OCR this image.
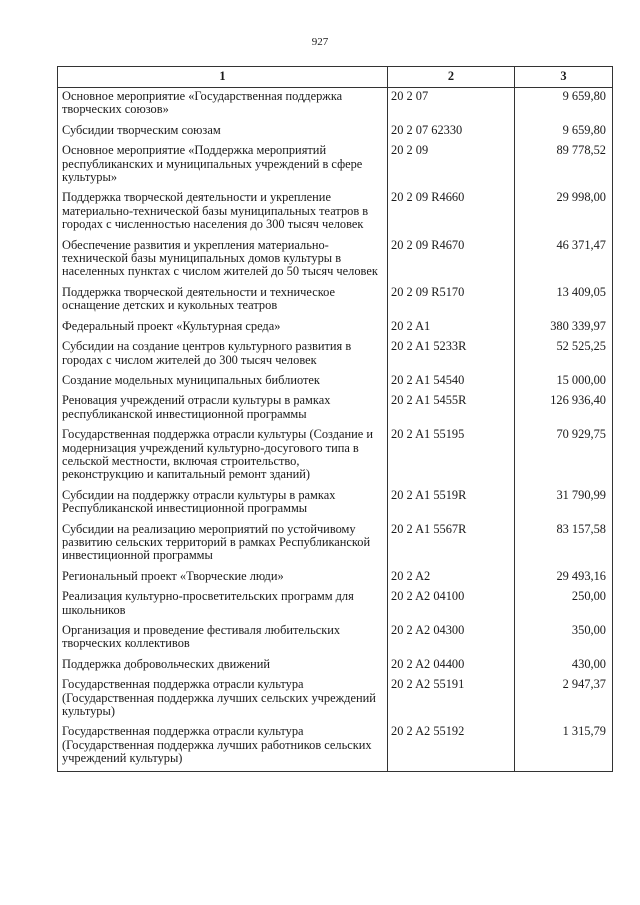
927
1	2	3
Основное мероприятие «Государственная поддержка творческих союзов»	20 2 07	9 659,80
Субсидии творческим союзам	20 2 07 62330	9 659,80
Основное мероприятие «Поддержка мероприятий республиканских и муниципальных учреждений в сфере культуры»	20 2 09	89 778,52
Поддержка творческой деятельности и укрепление материально-технической базы муниципальных театров в городах с численностью населения до 300 тысяч человек	20 2 09 R4660	29 998,00
Обеспечение развития и укрепления материально-технической базы муниципальных домов культуры в населенных пунктах с числом жителей до 50 тысяч человек	20 2 09 R4670	46 371,47
Поддержка творческой деятельности и техническое оснащение детских и кукольных театров	20 2 09 R5170	13 409,05
Федеральный проект «Культурная среда»	20 2 A1	380 339,97
Субсидии на создание центров культурного развития в городах с числом жителей до 300 тысяч человек	20 2 A1 5233R	52 525,25
Создание модельных муниципальных библиотек	20 2 A1 54540	15 000,00
Реновация учреждений отрасли культуры в рамках республиканской инвестиционной программы	20 2 A1 5455R	126 936,40
Государственная поддержка отрасли культуры (Создание и модернизация учреждений культурно-досугового типа в сельской местности, включая строительство, реконструкцию и капитальный ремонт зданий)	20 2 A1 55195	70 929,75
Субсидии на поддержку отрасли культуры в рамках Республиканской инвестиционной программы	20 2 A1 5519R	31 790,99
Субсидии на реализацию мероприятий по устойчивому развитию сельских территорий в рамках Республиканской инвестиционной программы	20 2 A1 5567R	83 157,58
Региональный проект «Творческие люди»	20 2 A2	29 493,16
Реализация культурно-просветительских программ для школьников	20 2 A2 04100	250,00
Организация и проведение фестиваля любительских творческих коллективов	20 2 A2 04300	350,00
Поддержка добровольческих движений	20 2 A2 04400	430,00
Государственная поддержка отрасли культура (Государственная поддержка лучших сельских учреждений культуры)	20 2 A2 55191	2 947,37
Государственная поддержка отрасли культура (Государственная поддержка лучших работников сельских учреждений культуры)	20 2 A2 55192	1 315,79
